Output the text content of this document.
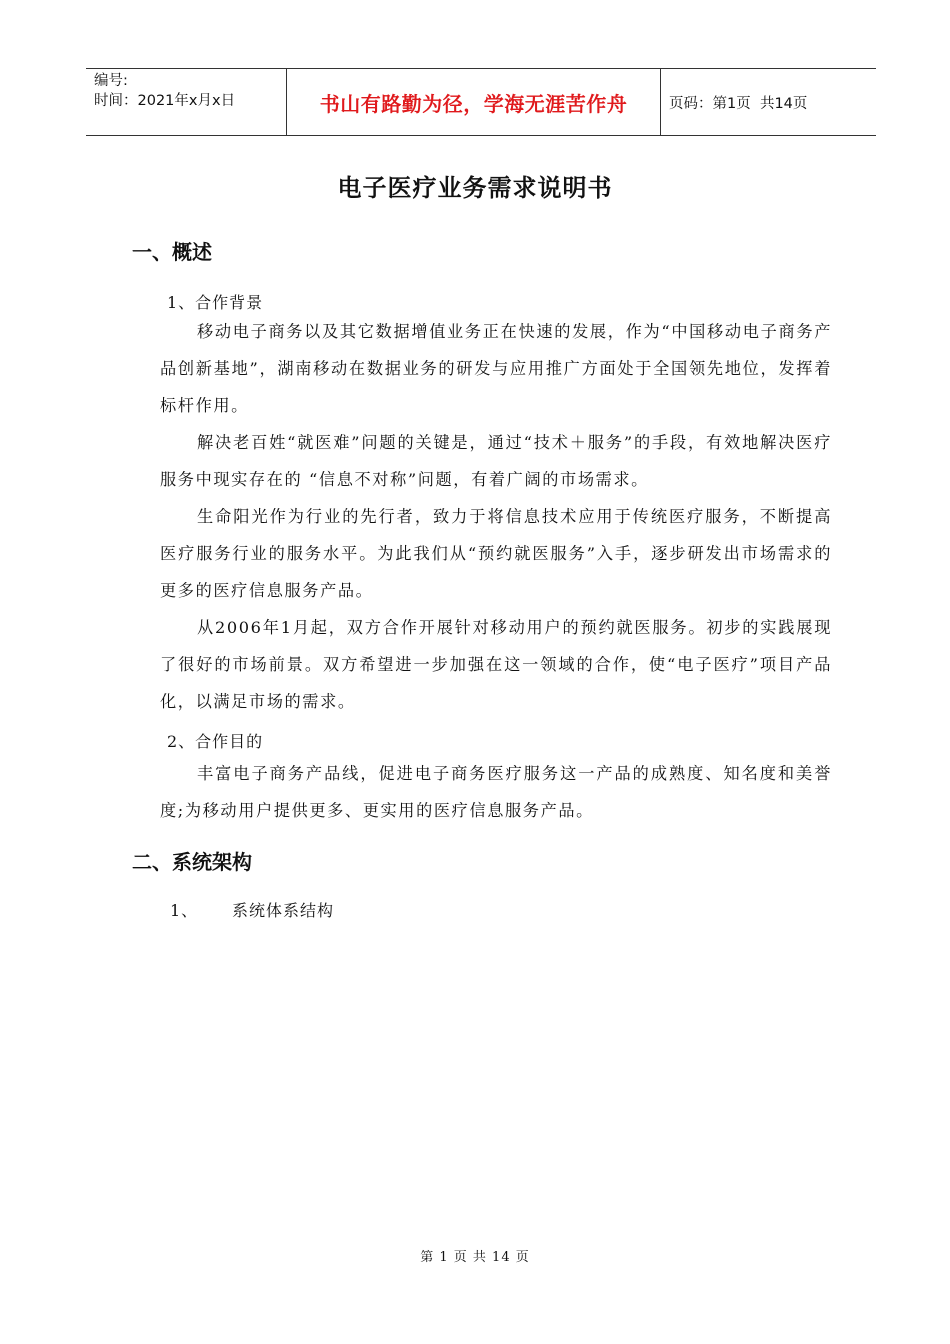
编号:
时间：2021年x月x日	书山有路勤为径，学海无涯苦作舟	页码：第1页  共14页
电子医疗业务需求说明书
一、概述
1、合作背景
移动电子商务以及其它数据增值业务正在快速的发展，作为“中国移动电子商务产品创新基地”，湖南移动在数据业务的研发与应用推广方面处于全国领先地位，发挥着标杆作用。
解决老百姓“就医难”问题的关键是，通过“技术＋服务”的手段，有效地解决医疗服务中现实存在的 “信息不对称”问题，有着广阔的市场需求。
生命阳光作为行业的先行者，致力于将信息技术应用于传统医疗服务，不断提高医疗服务行业的服务水平。为此我们从“预约就医服务”入手，逐步研发出市场需求的更多的医疗信息服务产品。
从2006年1月起，双方合作开展针对移动用户的预约就医服务。初步的实践展现了很好的市场前景。双方希望进一步加强在这一领域的合作，使“电子医疗”项目产品化，以满足市场的需求。
2、合作目的
丰富电子商务产品线，促进电子商务医疗服务这一产品的成熟度、知名度和美誉度;为移动用户提供更多、更实用的医疗信息服务产品。
二、系统架构
1、 系统体系结构
第 1 页 共 14 页
